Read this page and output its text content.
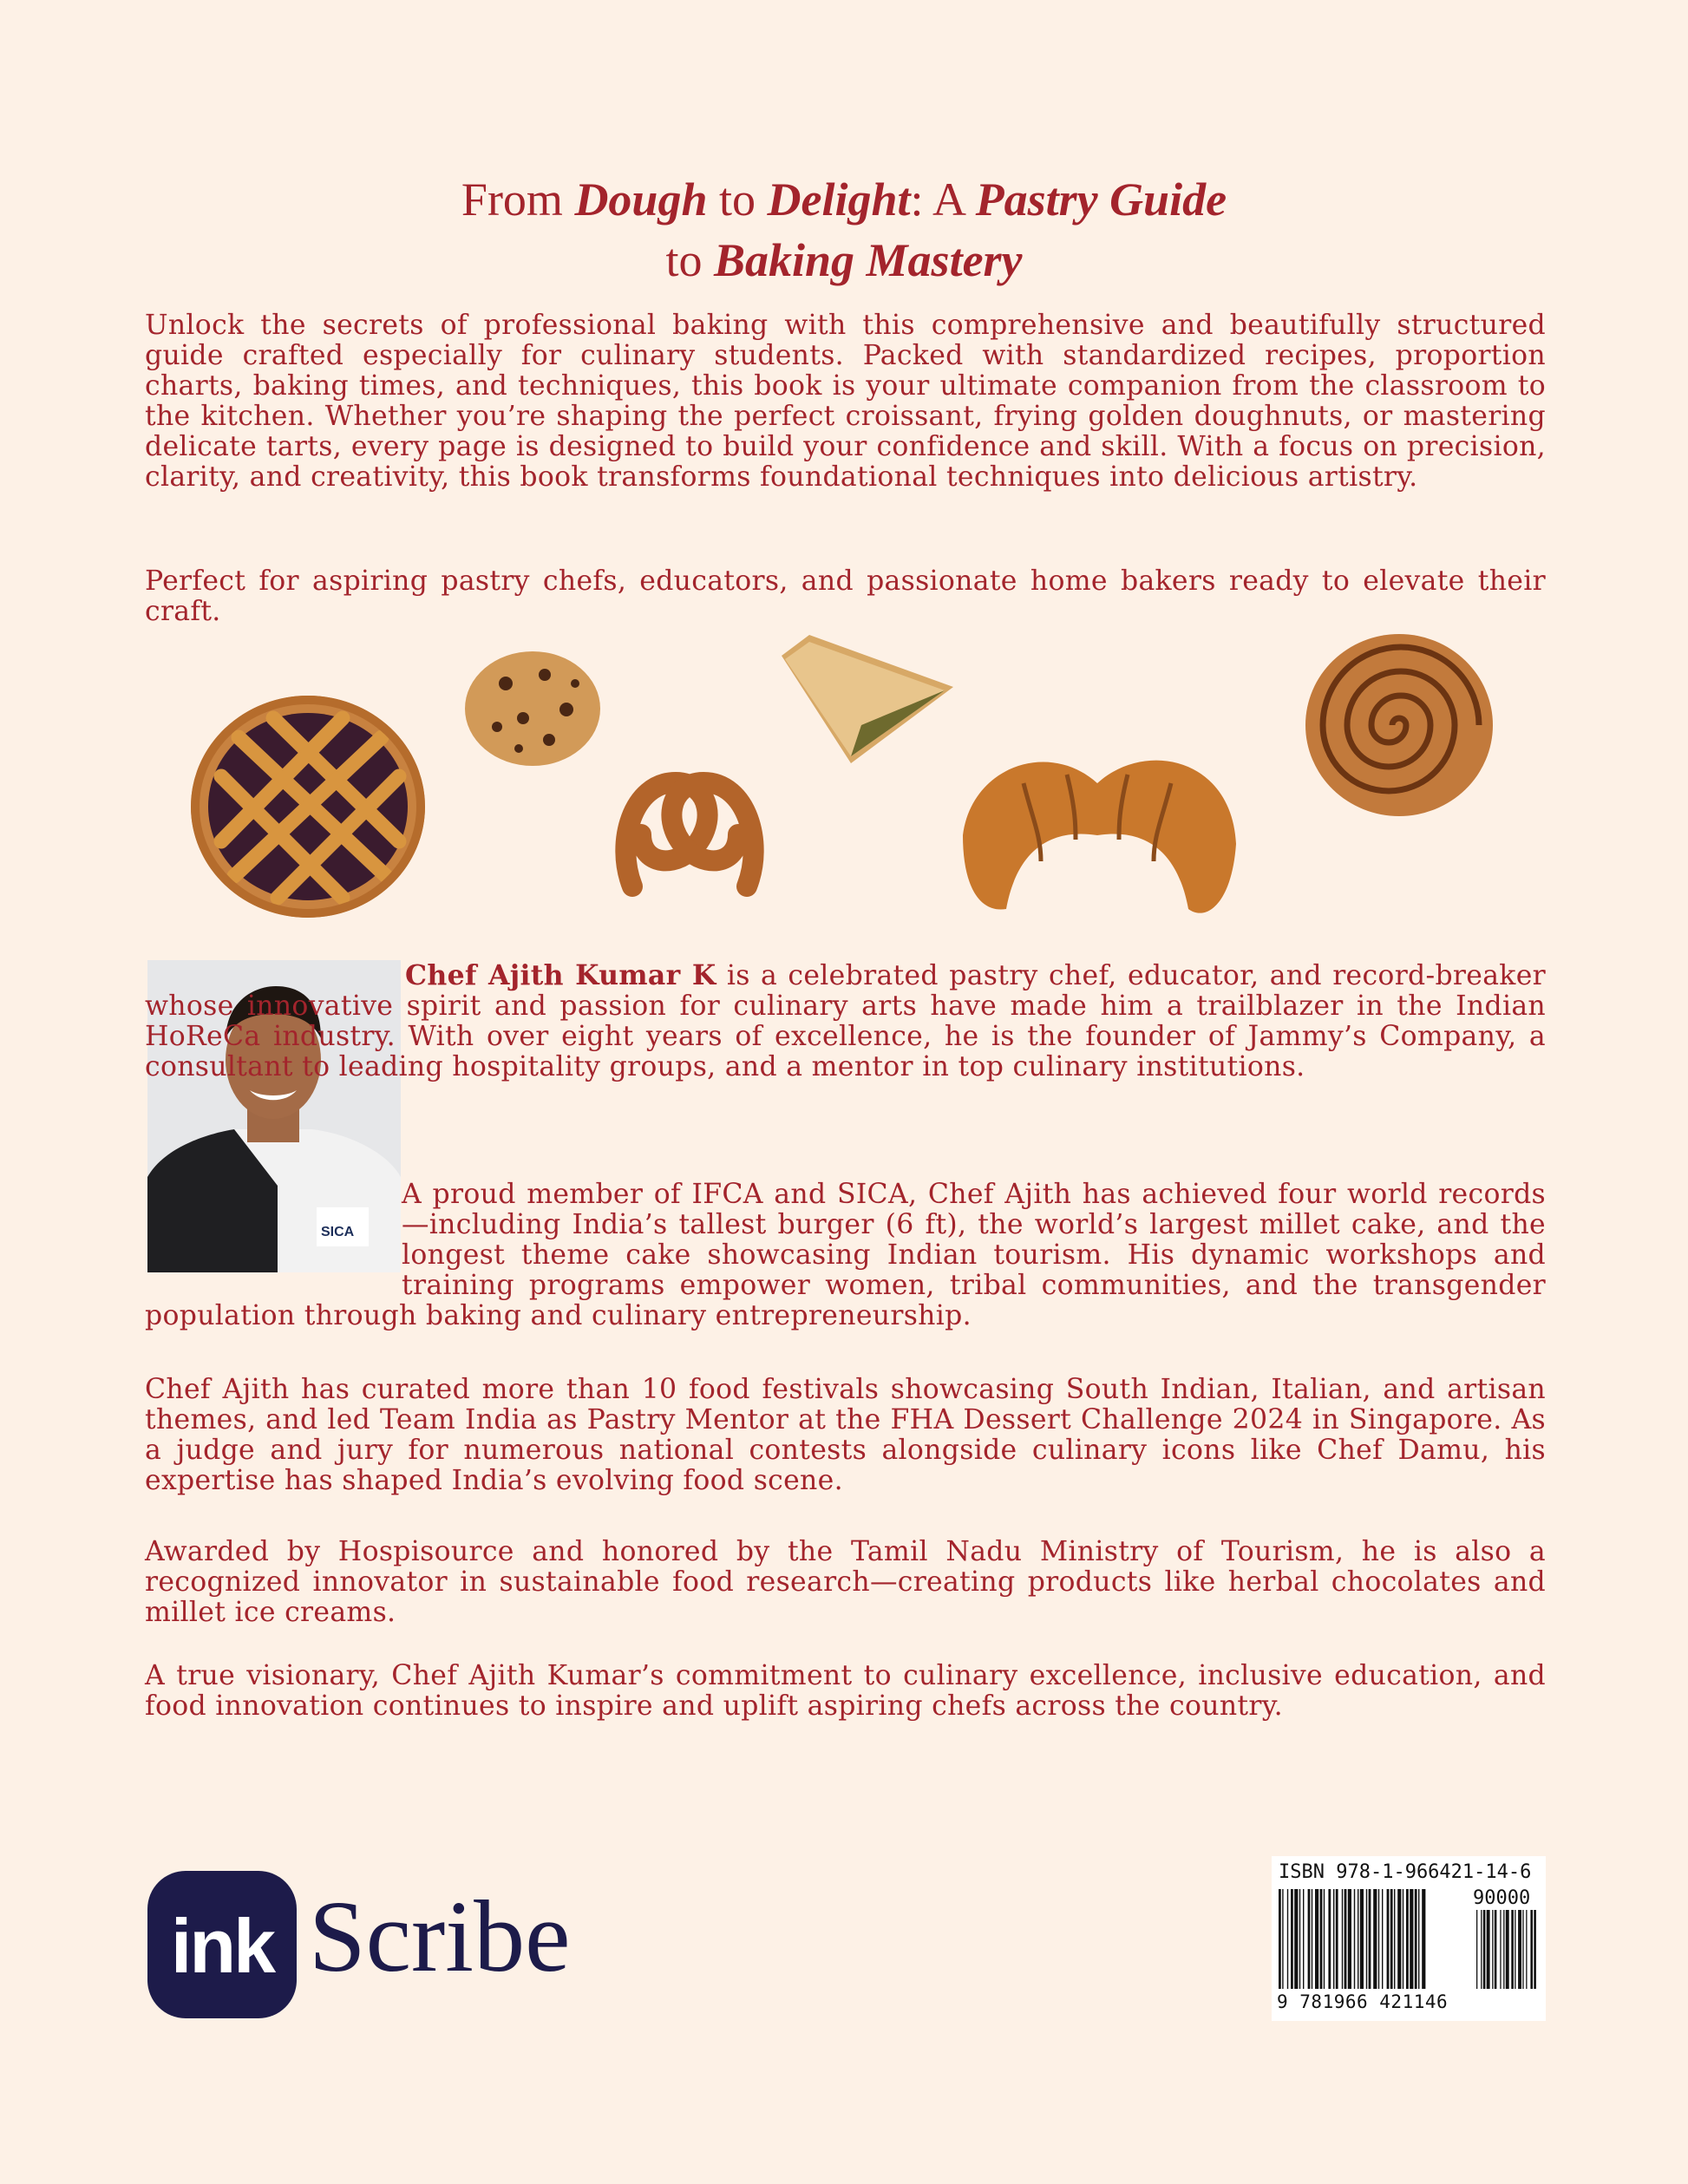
From Dough to Delight: A Pastry Guide
to Baking Mastery

Unlock the secrets of professional baking with this comprehensive and beautifully structured guide crafted especially for culinary students. Packed with standardized recipes, proportion charts, baking times, and techniques, this book is your ultimate companion from the classroom to the kitchen. Whether you’re shaping the perfect croissant, frying golden doughnuts, or mastering delicate tarts, every page is designed to build your confidence and skill. With a focus on precision, clarity, and creativity, this book transforms foundational techniques into delicious artistry.

Perfect for aspiring pastry chefs, educators, and passionate home bakers ready to elevate their craft.

SICA

Chef Ajith Kumar K is a celebrated pastry chef, educator, and record-breaker whose innovative spirit and passion for culinary arts have made him a trailblazer in the Indian HoReCa industry. With over eight years of excellence, he is the founder of Jammy’s Company, a consultant to leading hospitality groups, and a mentor in top culinary institutions.

A proud member of IFCA and SICA, Chef Ajith has achieved four world records—including India’s tallest burger (6 ft), the world’s largest millet cake, and the longest theme cake showcasing Indian tourism. His dynamic workshops and training programs empower women, tribal communities, and the transgender population through baking and culinary entrepreneurship.

Chef Ajith has curated more than 10 food festivals showcasing South Indian, Italian, and artisan themes, and led Team India as Pastry Mentor at the FHA Dessert Challenge 2024 in Singapore. As a judge and jury for numerous national contests alongside culinary icons like Chef Damu, his expertise has shaped India’s evolving food scene.

Awarded by Hospisource and honored by the Tamil Nadu Ministry of Tourism, he is also a recognized innovator in sustainable food research—creating products like herbal chocolates and millet ice creams.

A true visionary, Chef Ajith Kumar’s commitment to culinary excellence, inclusive education, and food innovation continues to inspire and uplift aspiring chefs across the country.

ink Scribe
ISBN 978-1-966421-14-6
90000
9 781966 421146
